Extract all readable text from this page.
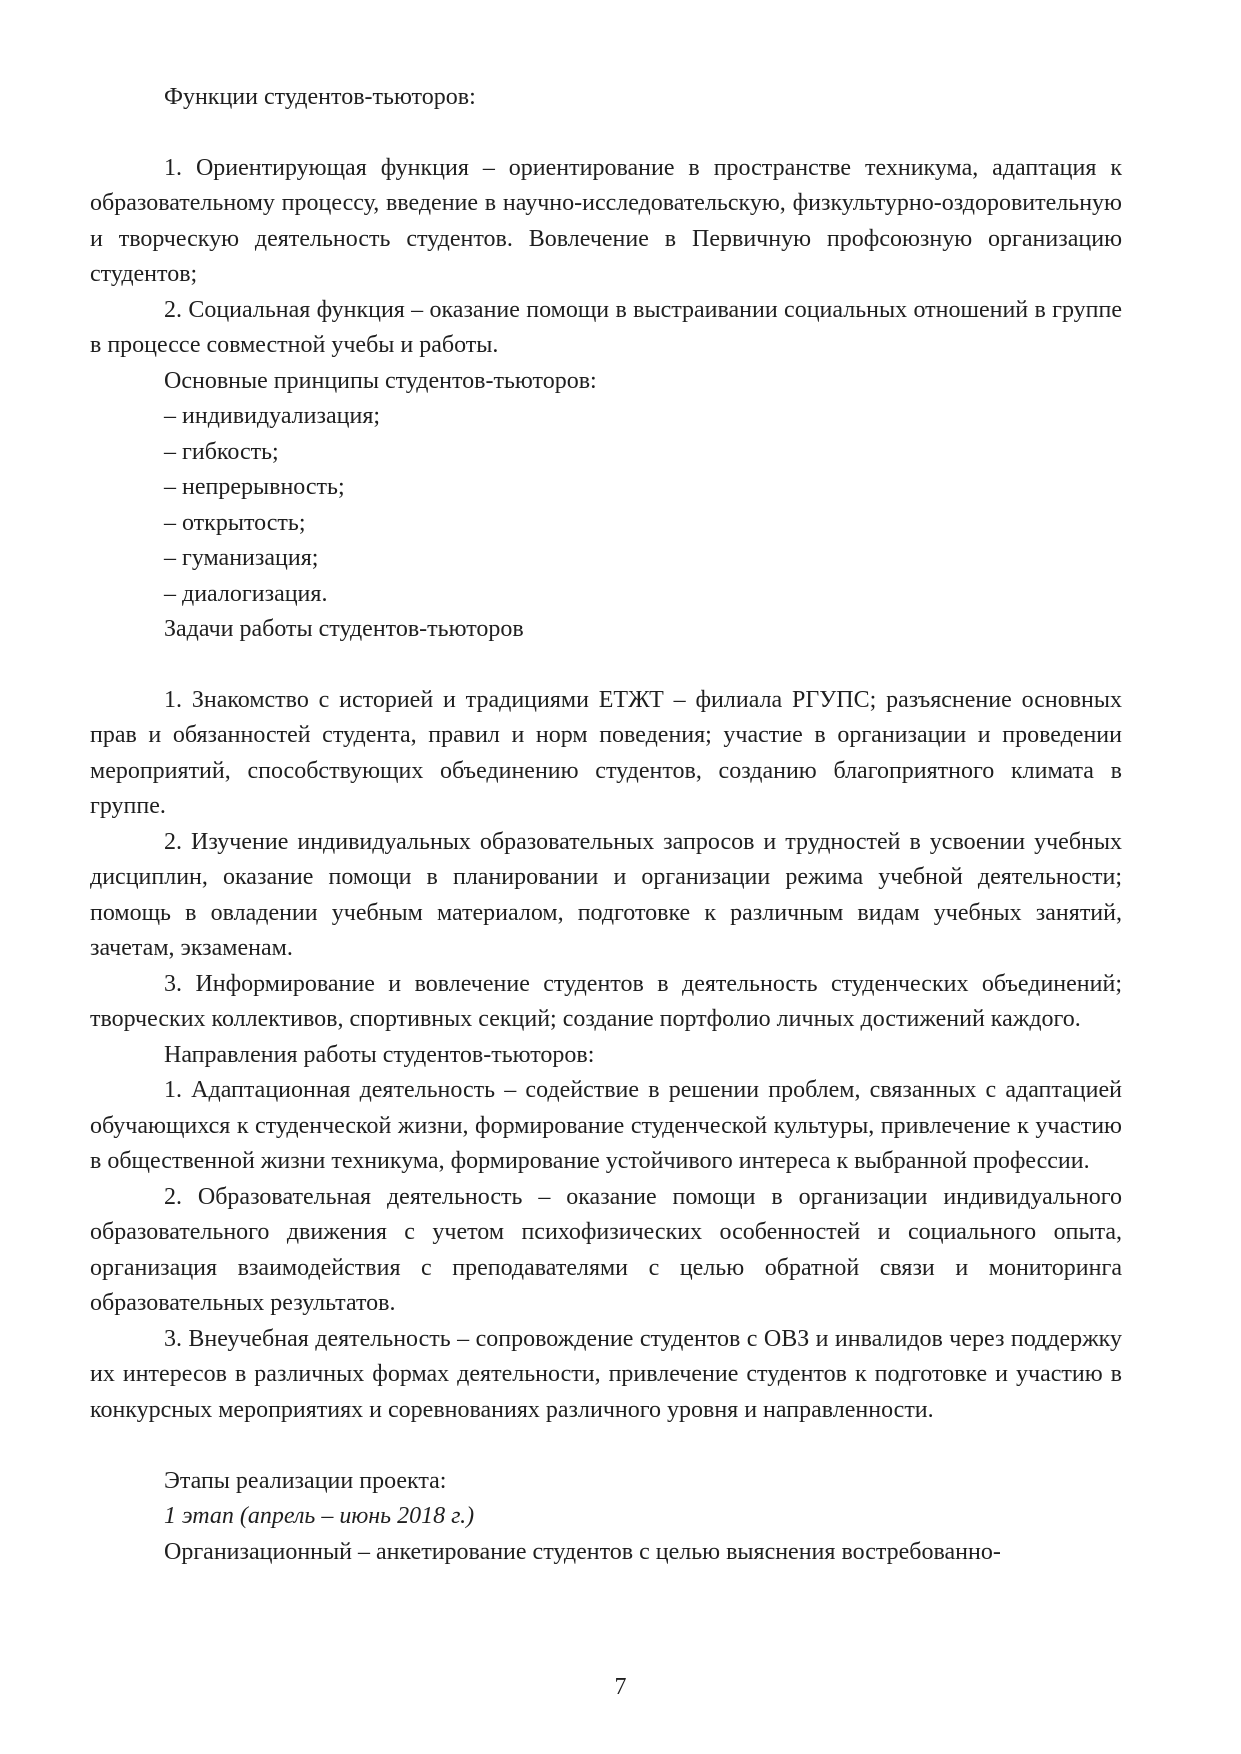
Функции студентов-тьюторов:

1. Ориентирующая функция – ориентирование в пространстве техникума, адаптация к образовательному процессу, введение в научно-исследовательскую, физкультурно-оздоровительную и творческую деятельность студентов. Вовлечение в Первичную профсоюзную организацию студентов;

2. Социальная функция – оказание помощи в выстраивании социальных отношений в группе в процессе совместной учебы и работы.

Основные принципы студентов-тьюторов:

– индивидуализация;

– гибкость;

– непрерывность;

– открытость;

– гуманизация;

– диалогизация.

Задачи работы студентов-тьюторов

1. Знакомство с историей и традициями ЕТЖТ – филиала РГУПС; разъяснение основных прав и обязанностей студента, правил и норм поведения; участие в организации и проведении мероприятий, способствующих объединению студентов, созданию благоприятного климата в группе.

2. Изучение индивидуальных образовательных запросов и трудностей в усвоении учебных дисциплин, оказание помощи в планировании и организации режима учебной деятельности; помощь в овладении учебным материалом, подготовке к различным видам учебных занятий, зачетам, экзаменам.

3. Информирование и вовлечение студентов в деятельность студенческих объединений; творческих коллективов, спортивных секций; создание портфолио личных достижений каждого.

Направления работы студентов-тьюторов:

1. Адаптационная деятельность – содействие в решении проблем, связанных с адаптацией обучающихся к студенческой жизни, формирование студенческой культуры, привлечение к участию в общественной жизни техникума, формирование устойчивого интереса к выбранной профессии.

2. Образовательная деятельность – оказание помощи в организации индивидуального образовательного движения с учетом психофизических особенностей и социального опыта, организация взаимодействия с преподавателями с целью обратной связи и мониторинга образовательных результатов.

3. Внеучебная деятельность – сопровождение студентов с ОВЗ и инвалидов через поддержку их интересов в различных формах деятельности, привлечение студентов к подготовке и участию в конкурсных мероприятиях и соревнованиях различного уровня и направленности.

Этапы реализации проекта:

1 этап (апрель – июнь 2018 г.)

Организационный – анкетирование студентов с целью выяснения востребованно-

7
